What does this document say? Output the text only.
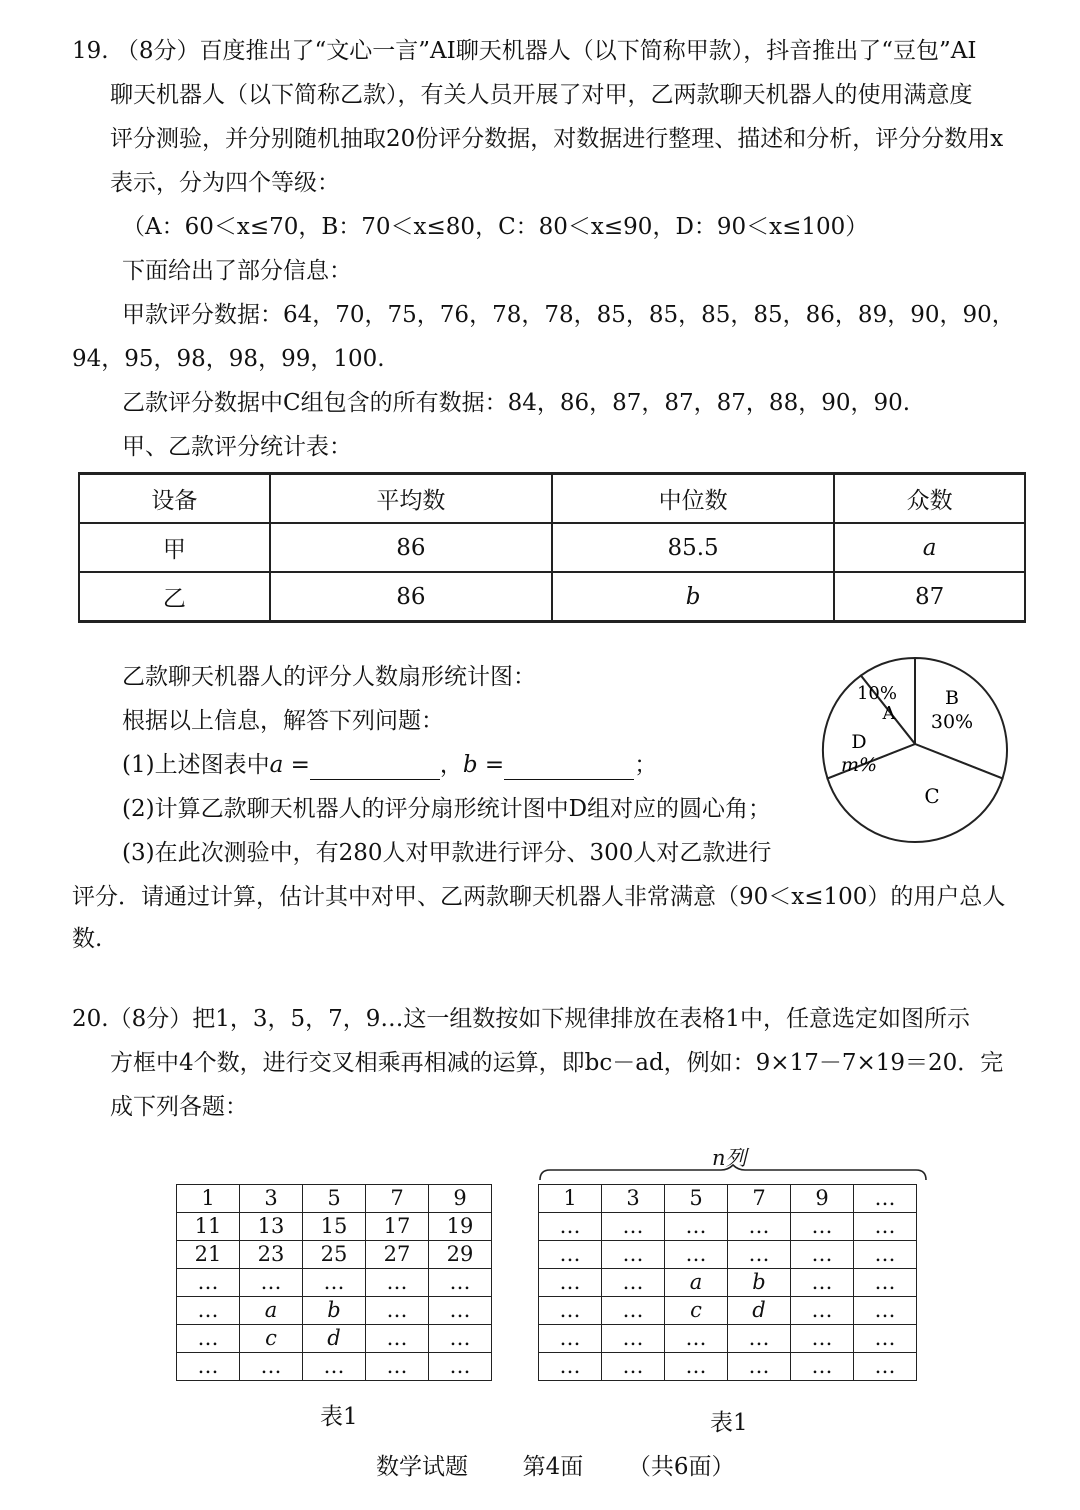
19. （8分）百度推出了“文心一言”AI聊天机器人（以下简称甲款），抖音推出了“豆包”AI
聊天机器人（以下简称乙款），有关人员开展了对甲，乙两款聊天机器人的使用满意度
评分测验，并分别随机抽取20份评分数据，对数据进行整理、描述和分析，评分分数用x
表示，分为四个等级：
（A：60＜x≤70，B：70＜x≤80，C：80＜x≤90，D：90＜x≤100）
下面给出了部分信息：
甲款评分数据：64，70，75，76，78，78，85，85，85，85，86，89，90，90，
94，95，98，98，99，100.
乙款评分数据中C组包含的所有数据：84，86，87，87，87，88，90，90.
甲、乙款评分统计表：
设备	平均数	中位数	众数
甲	86	85.5	a
乙	86	b	87
乙款聊天机器人的评分人数扇形统计图：
根据以上信息，解答下列问题：
(1)上述图表中a =	，b =	；
(2)计算乙款聊天机器人的评分扇形统计图中D组对应的圆心角；
(3)在此次测验中，有280人对甲款进行评分、300人对乙款进行
评分．请通过计算，估计其中对甲、乙两款聊天机器人非常满意（90＜x≤100）的用户总人
数.
10%
A
B
30%
C
D
m%
20.（8分）把1，3，5，7，9…这一组数按如下规律排放在表格1中，任意选定如图所示
方框中4个数，进行交叉相乘再相减的运算，即bc－ad，例如：9×17－7×19＝20．完
成下列各题：
n列
1	3	5	7	9
11	13	15	17	19
21	23	25	27	29
…	…	…	…	…
…	a	b	…	…
…	c	d	…	…
…	…	…	…	…
1	3	5	7	9	…
…	…	…	…	…	…
…	…	…	…	…	…
…	…	a	b	…	…
…	…	c	d	…	…
…	…	…	…	…	…
…	…	…	…	…	…
表1	表1
数学试题 第4面 （共6面）
